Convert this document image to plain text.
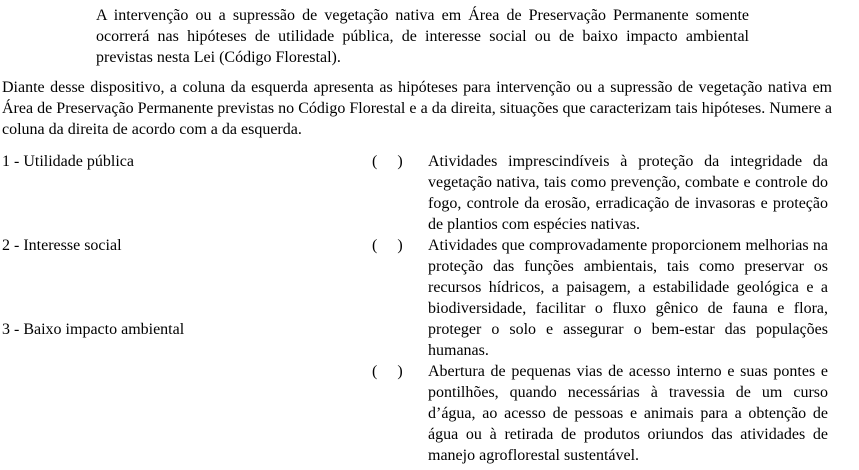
A intervenção ou a supressão de vegetação nativa em Área de Preservação Permanente somente ocorrerá nas hipóteses de utilidade pública, de interesse social ou de baixo impacto ambiental previstas nesta Lei (Código Florestal).
Diante desse dispositivo, a coluna da esquerda apresenta as hipóteses para intervenção ou a supressão de vegetação nativa em Área de Preservação Permanente previstas no Código Florestal e a da direita, situações que caracterizam tais hipóteses. Numere a coluna da direita de acordo com a da esquerda.
1 - Utilidade pública
2 - Interesse social
3 - Baixo impacto ambiental
(     ) Atividades imprescindíveis à proteção da integridade da vegetação nativa, tais como prevenção, combate e controle do fogo, controle da erosão, erradicação de invasoras e proteção de plantios com espécies nativas.
(     ) Atividades que comprovadamente proporcionem melhorias na proteção das funções ambientais, tais como preservar os recursos hídricos, a paisagem, a estabilidade geológica e a biodiversidade, facilitar o fluxo gênico de fauna e flora, proteger o solo e assegurar o bem-estar das populações humanas.
(     ) Abertura de pequenas vias de acesso interno e suas pontes e pontilhões, quando necessárias à travessia de um curso d’água, ao acesso de pessoas e animais para a obtenção de água ou à retirada de produtos oriundos das atividades de manejo agroflorestal sustentável.
